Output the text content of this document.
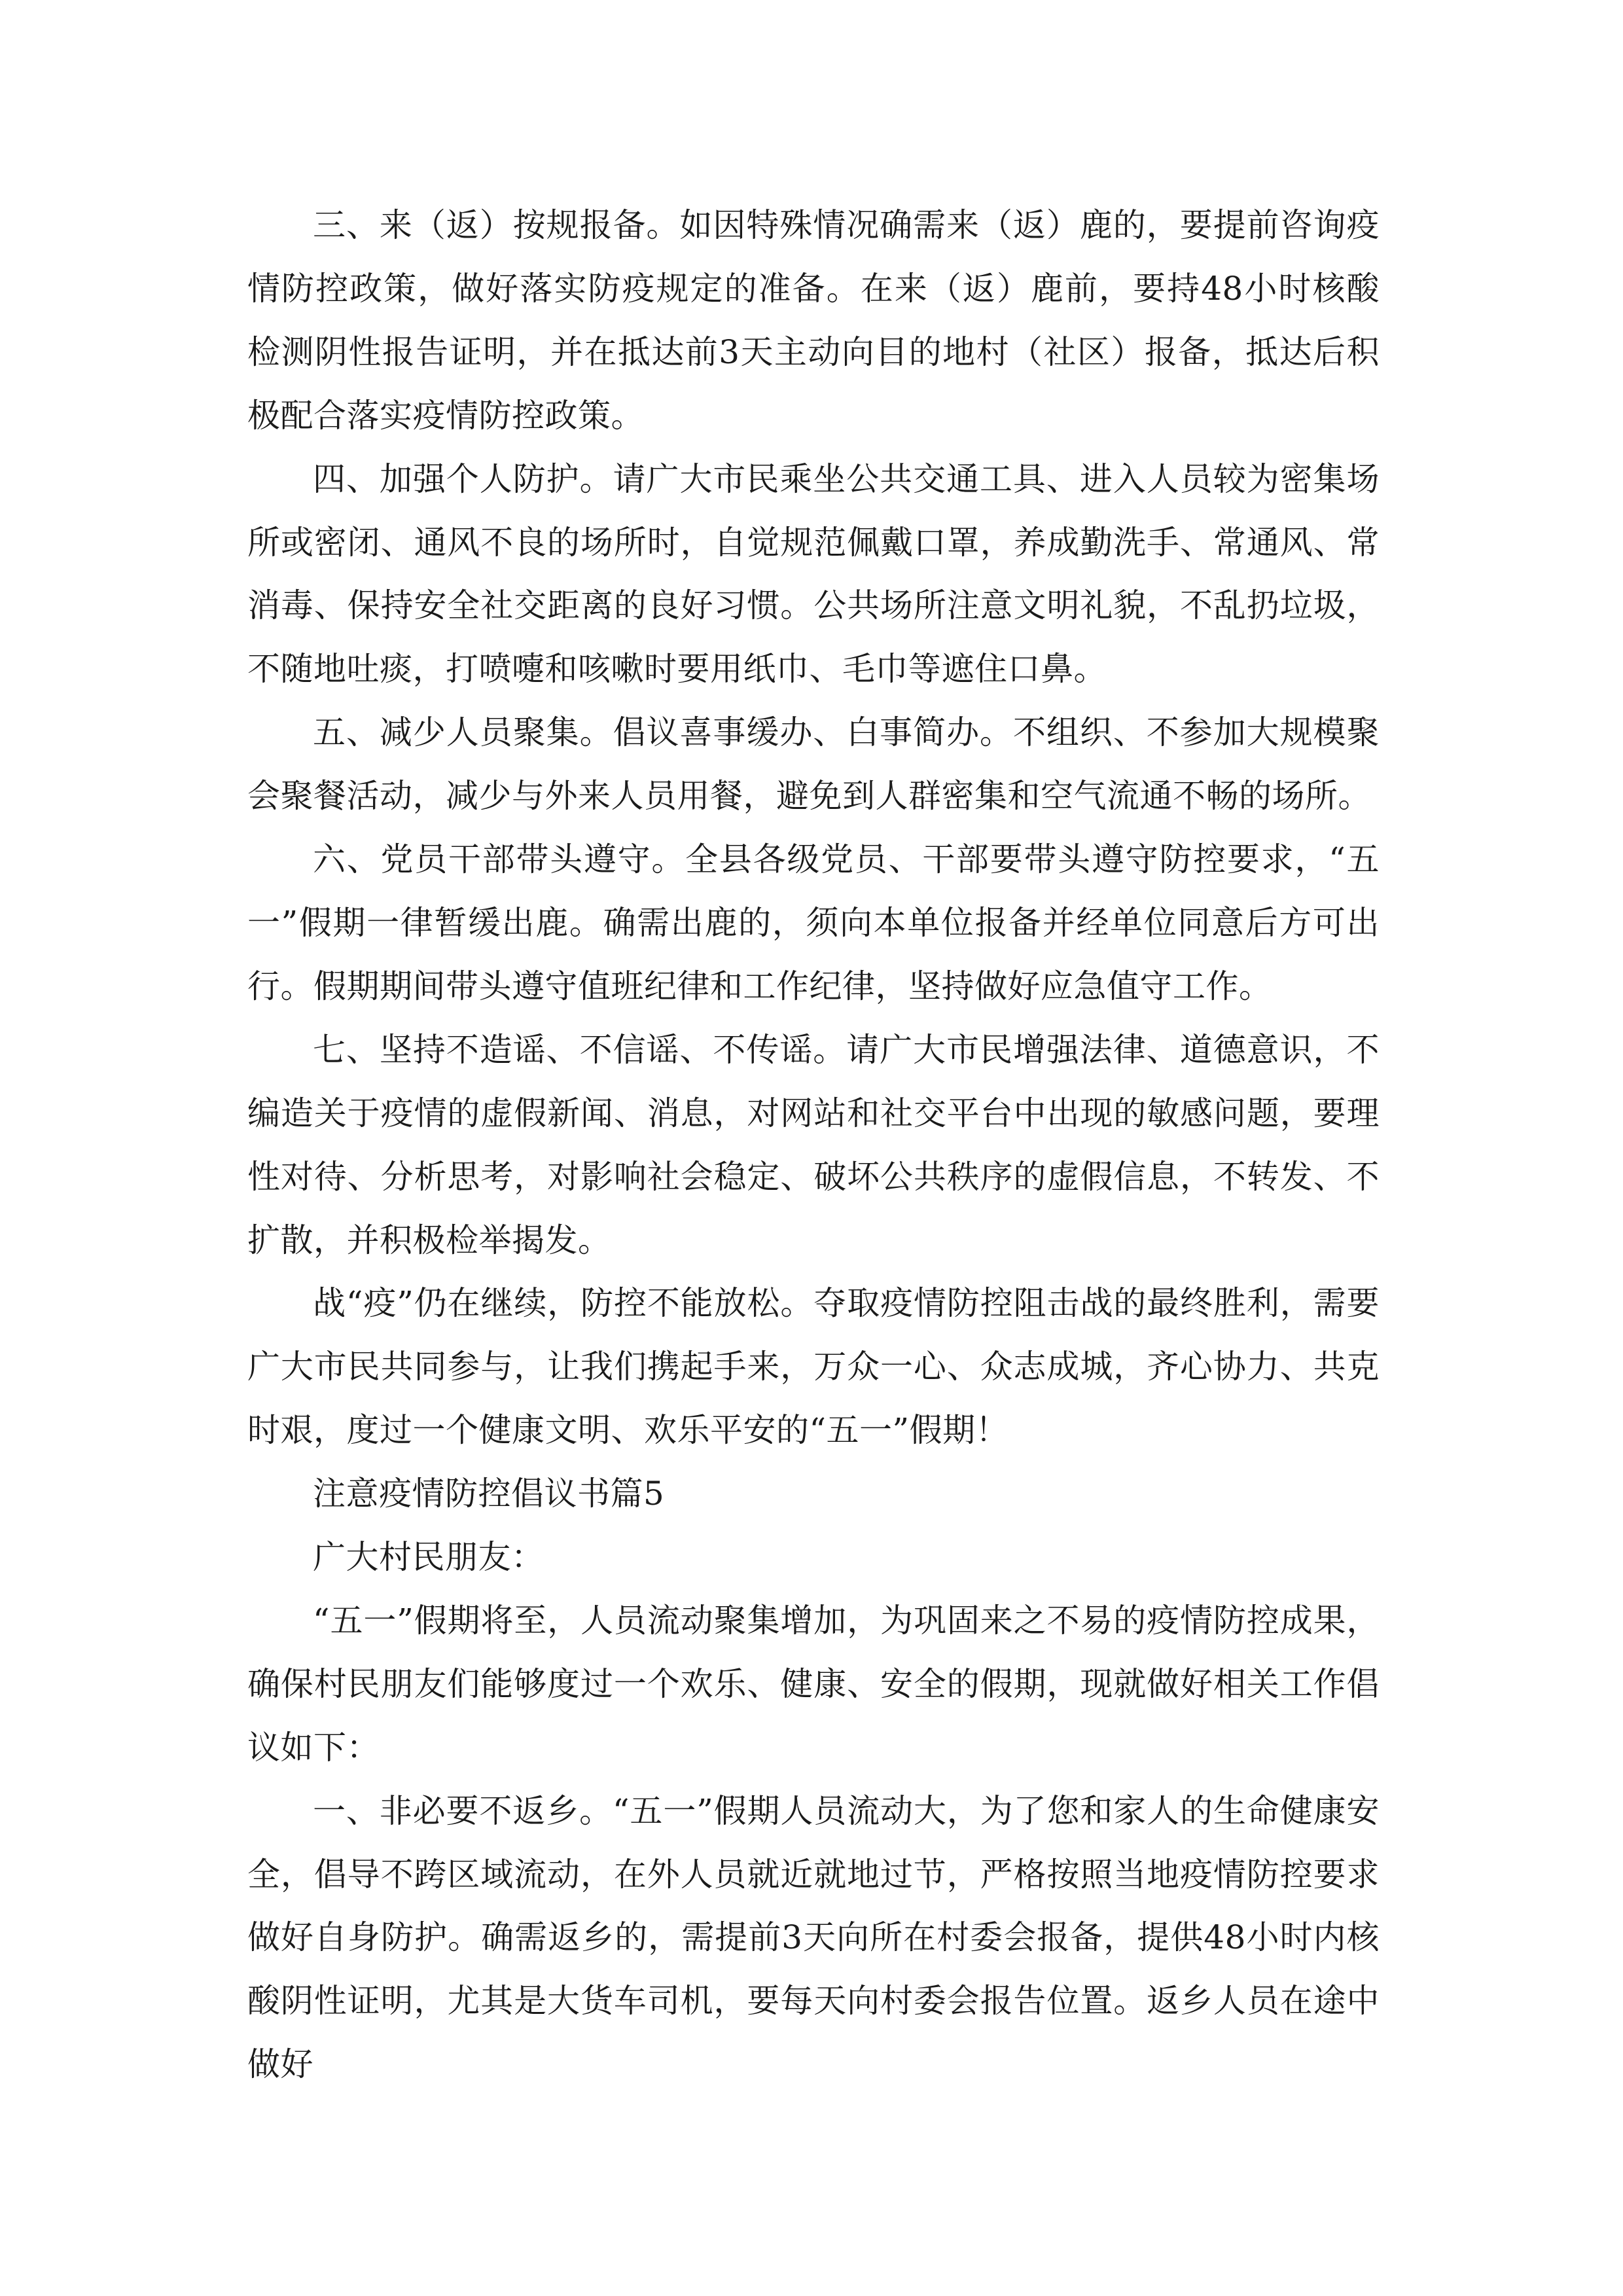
三、来（返）按规报备。如因特殊情况确需来（返）鹿的，要提前咨询疫情防控政策，做好落实防疫规定的准备。在来（返）鹿前，要持48小时核酸检测阴性报告证明，并在抵达前3天主动向目的地村（社区）报备，抵达后积极配合落实疫情防控政策。

四、加强个人防护。请广大市民乘坐公共交通工具、进入人员较为密集场所或密闭、通风不良的场所时，自觉规范佩戴口罩，养成勤洗手、常通风、常消毒、保持安全社交距离的良好习惯。公共场所注意文明礼貌，不乱扔垃圾，不随地吐痰，打喷嚏和咳嗽时要用纸巾、毛巾等遮住口鼻。

五、减少人员聚集。倡议喜事缓办、白事简办。不组织、不参加大规模聚会聚餐活动，减少与外来人员用餐，避免到人群密集和空气流通不畅的场所。

六、党员干部带头遵守。全县各级党员、干部要带头遵守防控要求，“五一”假期一律暂缓出鹿。确需出鹿的，须向本单位报备并经单位同意后方可出行。假期期间带头遵守值班纪律和工作纪律，坚持做好应急值守工作。

七、坚持不造谣、不信谣、不传谣。请广大市民增强法律、道德意识，不编造关于疫情的虚假新闻、消息，对网站和社交平台中出现的敏感问题，要理性对待、分析思考，对影响社会稳定、破坏公共秩序的虚假信息，不转发、不扩散，并积极检举揭发。

战“疫”仍在继续，防控不能放松。夺取疫情防控阻击战的最终胜利，需要广大市民共同参与，让我们携起手来，万众一心、众志成城，齐心协力、共克时艰，度过一个健康文明、欢乐平安的“五一”假期！

注意疫情防控倡议书篇5

广大村民朋友：

“五一”假期将至，人员流动聚集增加，为巩固来之不易的疫情防控成果，确保村民朋友们能够度过一个欢乐、健康、安全的假期，现就做好相关工作倡议如下：

一、非必要不返乡。“五一”假期人员流动大，为了您和家人的生命健康安全，倡导不跨区域流动，在外人员就近就地过节，严格按照当地疫情防控要求做好自身防护。确需返乡的，需提前3天向所在村委会报备，提供48小时内核酸阴性证明，尤其是大货车司机，要每天向村委会报告位置。返乡人员在途中做好
